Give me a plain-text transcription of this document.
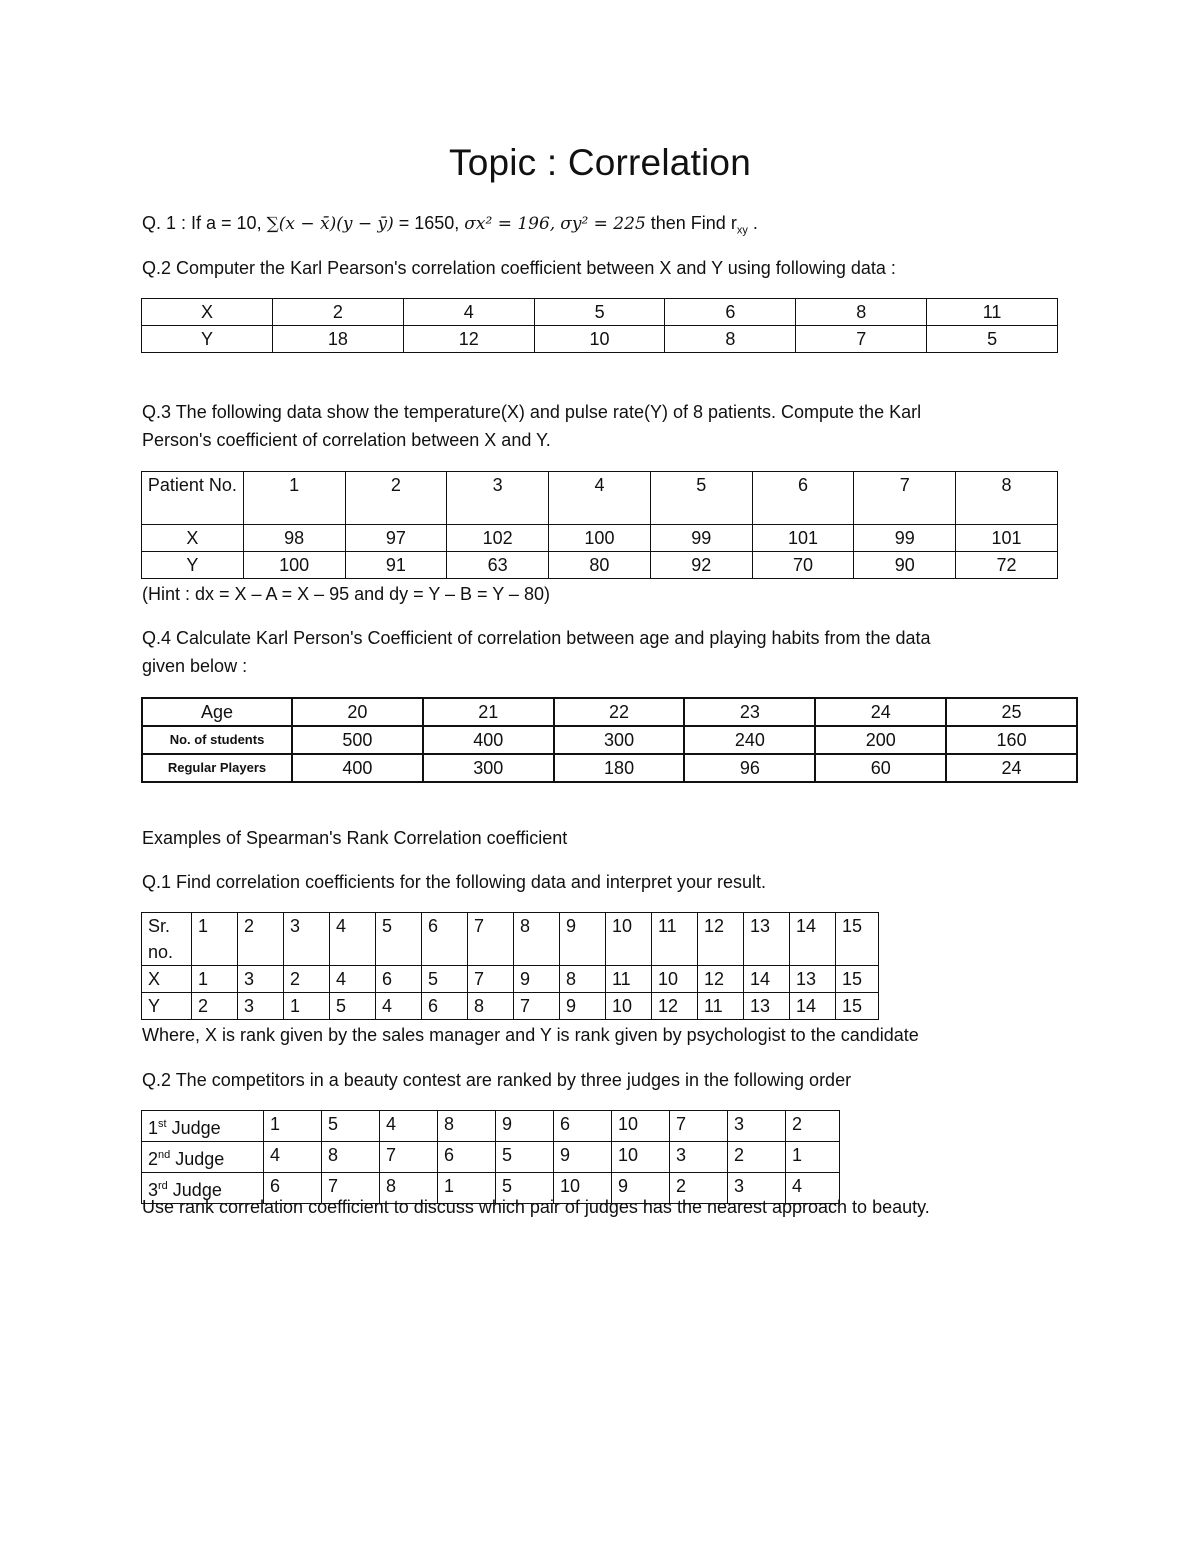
Topic : Correlation
Q. 1 : If a = 10, ∑(x − x̄)(y − ȳ) = 1650, σx² = 196, σy² = 225 then Find $r_{xy}$ .
Q.2 Computer the Karl Pearson's correlation coefficient between X and Y using following data :
X	2	4	5	6	8	11
Y	18	12	10	8	7	5
Q.3 The following data show the temperature(X) and pulse rate(Y) of 8 patients. Compute the Karl
Person's coefficient of correlation between X and Y.
Patient No.	1	2	3	4	5	6	7	8
X	98	97	102	100	99	101	99	101
Y	100	91	63	80	92	70	90	72
(Hint : dx = X – A = X – 95 and dy = Y – B = Y – 80)
Q.4 Calculate Karl Person's Coefficient of correlation between age and playing habits from the data
given below :
Age	20	21	22	23	24	25
No. of students	500	400	300	240	200	160
Regular Players	400	300	180	96	60	24
Examples of Spearman's Rank Correlation coefficient
Q.1 Find correlation coefficients for the following data and interpret your result.
Sr. no.	1	2	3	4	5	6	7	8	9	10	11	12	13	14	15
X	1	3	2	4	6	5	7	9	8	11	10	12	14	13	15
Y	2	3	1	5	4	6	8	7	9	10	12	11	13	14	15
Where, X is rank given by the sales manager and Y is rank given by psychologist to the candidate
Q.2 The competitors in a beauty contest are ranked by three judges in the following order
1st Judge	1	5	4	8	9	6	10	7	3	2
2nd Judge	4	8	7	6	5	9	10	3	2	1
3rd Judge	6	7	8	1	5	10	9	2	3	4
Use rank correlation coefficient to discuss which pair of judges has the nearest approach to beauty.
